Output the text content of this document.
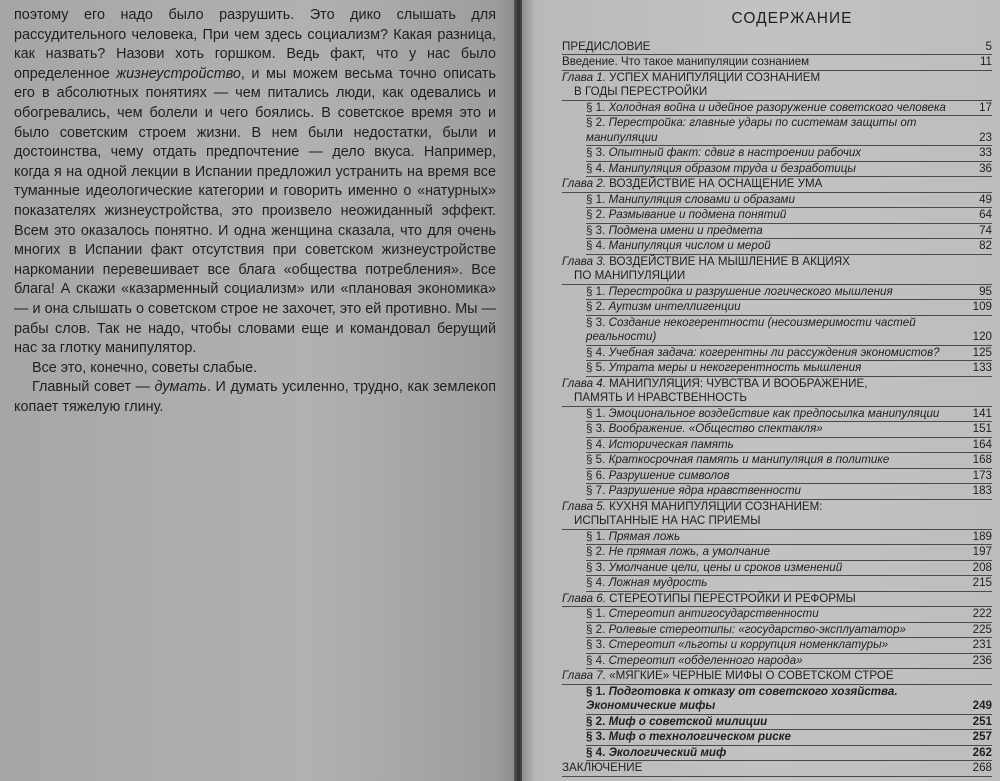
поэтому его надо было разрушить. Это дико слышать для рассудительного человека, При чем здесь социализм? Какая разница, как назвать? Назови хоть горшком. Ведь факт, что у нас было определенное жизнеустройство, и мы можем весьма точно описать его в абсолютных понятиях — чем питались люди, как одевались и обогревались, чем болели и чего боялись. В советское время это и было советским строем жизни. В нем были недостатки, были и достоинства, чему отдать предпочтение — дело вкуса. Например, когда я на одной лекции в Испании предложил устранить на время все туманные идеологические категории и говорить именно о «натурных» показателях жизнеустройства, это произвело неожиданный эффект. Всем это оказалось понятно. И одна женщина сказала, что для очень многих в Испании факт отсутствия при советском жизнеустройстве наркомании перевешивает все блага «общества потребления». Все блага! А скажи «казарменный социализм» или «плановая экономика» — и она слышать о советском строе не захочет, это ей противно. Мы — рабы слов. Так не надо, чтобы словами еще и командовал берущий нас за глотку манипулятор.

Все это, конечно, советы слабые.

Главный совет — думать. И думать усиленно, трудно, как землекоп копает тяжелую глину.

СОДЕРЖАНИЕ
ПРЕДИСЛОВИЕ	5
Введение. Что такое манипуляции сознанием	11
Глава 1. УСПЕХ МАНИПУЛЯЦИИ СОЗНАНИЕМ
В ГОДЫ ПЕРЕСТРОЙКИ
§ 1. Холодная война и идейное разоружение советского человека	17
§ 2. Перестройка: главные удары по системам защиты от манипуляции	23
§ 3. Опытный факт: сдвиг в настроении рабочих	33
§ 4. Манипуляция образом труда и безработицы	36
Глава 2. ВОЗДЕЙСТВИЕ НА ОСНАЩЕНИЕ УМА
§ 1. Манипуляция словами и образами	49
§ 2. Размывание и подмена понятий	64
§ 3. Подмена имени и предмета	74
§ 4. Манипуляция числом и мерой	82
Глава 3. ВОЗДЕЙСТВИЕ НА МЫШЛЕНИЕ В АКЦИЯХ
ПО МАНИПУЛЯЦИИ
§ 1. Перестройка и разрушение логического мышления	95
§ 2. Аутизм интеллигенции	109
§ 3. Создание некогерентности (несоизмеримости частей реальности)	120
§ 4. Учебная задача: когерентны ли рассуждения экономистов?	125
§ 5. Утрата меры и некогерентность мышления	133
Глава 4. МАНИПУЛЯЦИЯ: ЧУВСТВА И ВООБРАЖЕНИЕ,
ПАМЯТЬ И НРАВСТВЕННОСТЬ
§ 1. Эмоциональное воздействие как предпосылка манипуляции	141
§ 3. Воображение. «Общество спектакля»	151
§ 4. Историческая память	164
§ 5. Краткосрочная память и манипуляция в политике	168
§ 6. Разрушение символов	173
§ 7. Разрушение ядра нравственности	183
Глава 5. КУХНЯ МАНИПУЛЯЦИИ СОЗНАНИЕМ:
ИСПЫТАННЫЕ НА НАС ПРИЕМЫ
§ 1. Прямая ложь	189
§ 2. Не прямая ложь, а умолчание	197
§ 3. Умолчание цели, цены и сроков изменений	208
§ 4. Ложная мудрость	215
Глава 6. СТЕРЕОТИПЫ ПЕРЕСТРОЙКИ И РЕФОРМЫ
§ 1. Стереотип антигосударственности	222
§ 2. Ролевые стереотипы: «государство-эксплуататор»	225
§ 3. Стереотип «льготы и коррупция номенклатуры»	231
§ 4. Стереотип «обделенного народа»	236
Глава 7. «МЯГКИЕ» ЧЕРНЫЕ МИФЫ О СОВЕТСКОМ СТРОЕ
§ 1. Подготовка к отказу от советского хозяйства. Экономические мифы	249
§ 2. Миф о советской милиции	251
§ 3. Миф о технологическом риске	257
§ 4. Экологический миф	262
ЗАКЛЮЧЕНИЕ	268
